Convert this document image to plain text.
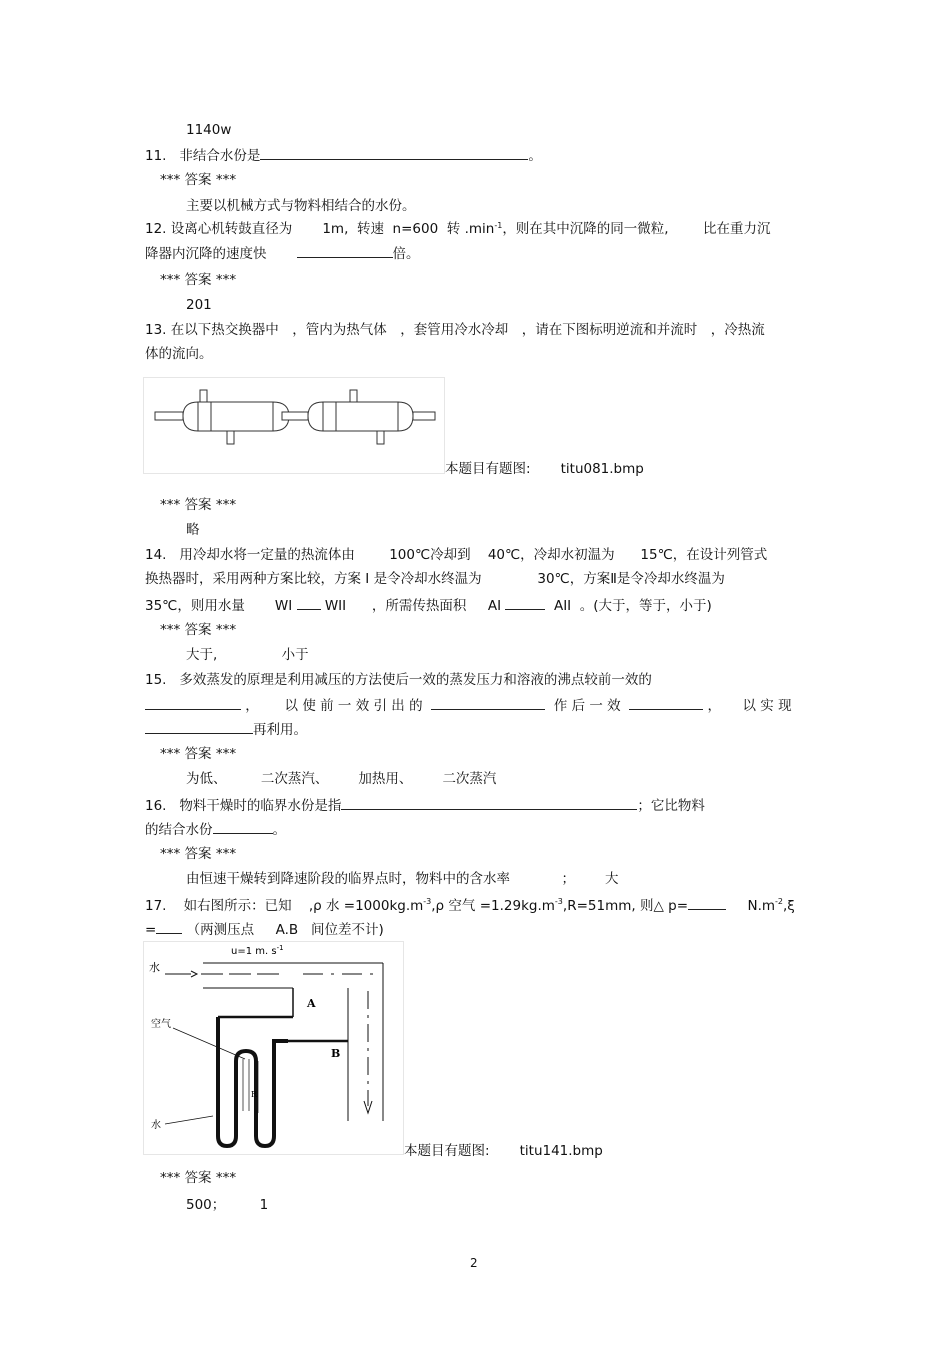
1140w
11. 非结合水份是	。
*** 答案 ***
主要以机械方式与物料相结合的水份。
12. 设离心机转鼓直径为 1m, 转速 n=600 转 $.\min^{-1}$，则在其中沉降的同一微粒,	比在重力沉
降器内沉降的速度快	倍。
*** 答案 ***
201
13. 在以下热交换器中　，管内为热气体　，套管用冷水冷却　，请在下图标明逆流和并流时　，冷热流
体的流向。
本题目有题图: titu081.bmp
*** 答案 ***
略
14. 用冷却水将一定量的热流体由	100℃冷却到 40℃，冷却水初温为 15℃，在设计列管式
换热器时，采用两种方案比较，方案 I 是令冷却水终温为	30℃，方案Ⅱ是令冷却水终温为
35℃，则用水量 WI WII ，所需传热面积 AI	AII 。(大于，等于，小于)
*** 答案 ***
大于,	小于
15. 多效蒸发的原理是利用减压的方法使后一效的蒸发压力和溶液的沸点较前一效的
， 以 使 前 一 效 引 出 的	作 后 一 效	， 以 实 现
再利用。
*** 答案 ***
为低、	二次蒸汽、 加热用、 二次蒸汽
16. 物料干燥时的临界水份是指	；它比物料
的结合水份	。
*** 答案 ***
由恒速干燥转到降速阶段的临界点时，物料中的含水率	； 大
17. 如右图所示：已知 ,ρ 水 $=1000kg.m^{-3},\rho$ 空气 $=1.29kg.m^{-3},R=51mm$, 则△ p=	$N.m^{-2},\xi$
= （两测压点 A.B 间位差不计)
u=1 m. $s^{-1}$
水
A
B
空气
水
R
本题目有题图: titu141.bmp
*** 答案 ***
500；	1
2
